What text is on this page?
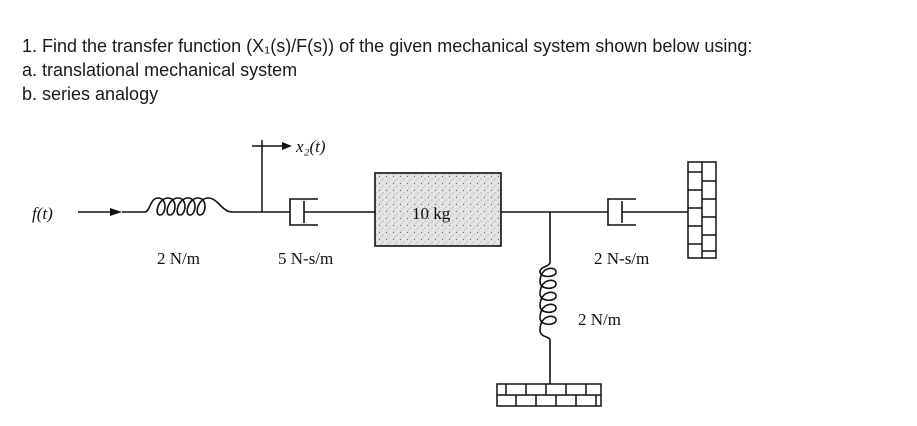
1. Find the transfer function (X₁(s)/F(s)) of the given mechanical system shown below using:
a. translational mechanical system
b. series analogy
f(t)
2 N/m
x₂(t)
5 N-s/m
10 kg
2 N/m
2 N-s/m
